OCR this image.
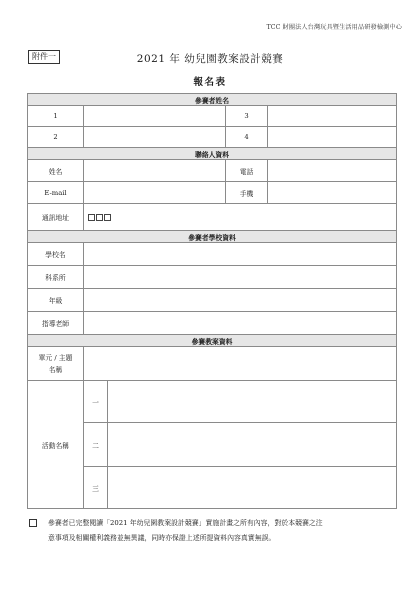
TCC 財團法人台灣玩具暨生活用品研發檢測中心
附件一	2021 年 幼兒園教案設計競賽
報名表
參賽者姓名				
1			3	
2			4	
聯絡人資料				
姓名			電話	
E-mail			手機	
通訊地址				
參賽者學校資料				
學校名				
科系所				
年級				
指導老師				
參賽教案資料				

單元 / 主題
名稱				

活動名稱	一			
	二			
	三			
參賽者已完整閱讀「2021 年幼兒園教案設計競賽」實施計畫之所有內容，對於本競賽之注
意事項及相關權利義務並無異議，同時亦保證上述所提資料內容真實無誤。
